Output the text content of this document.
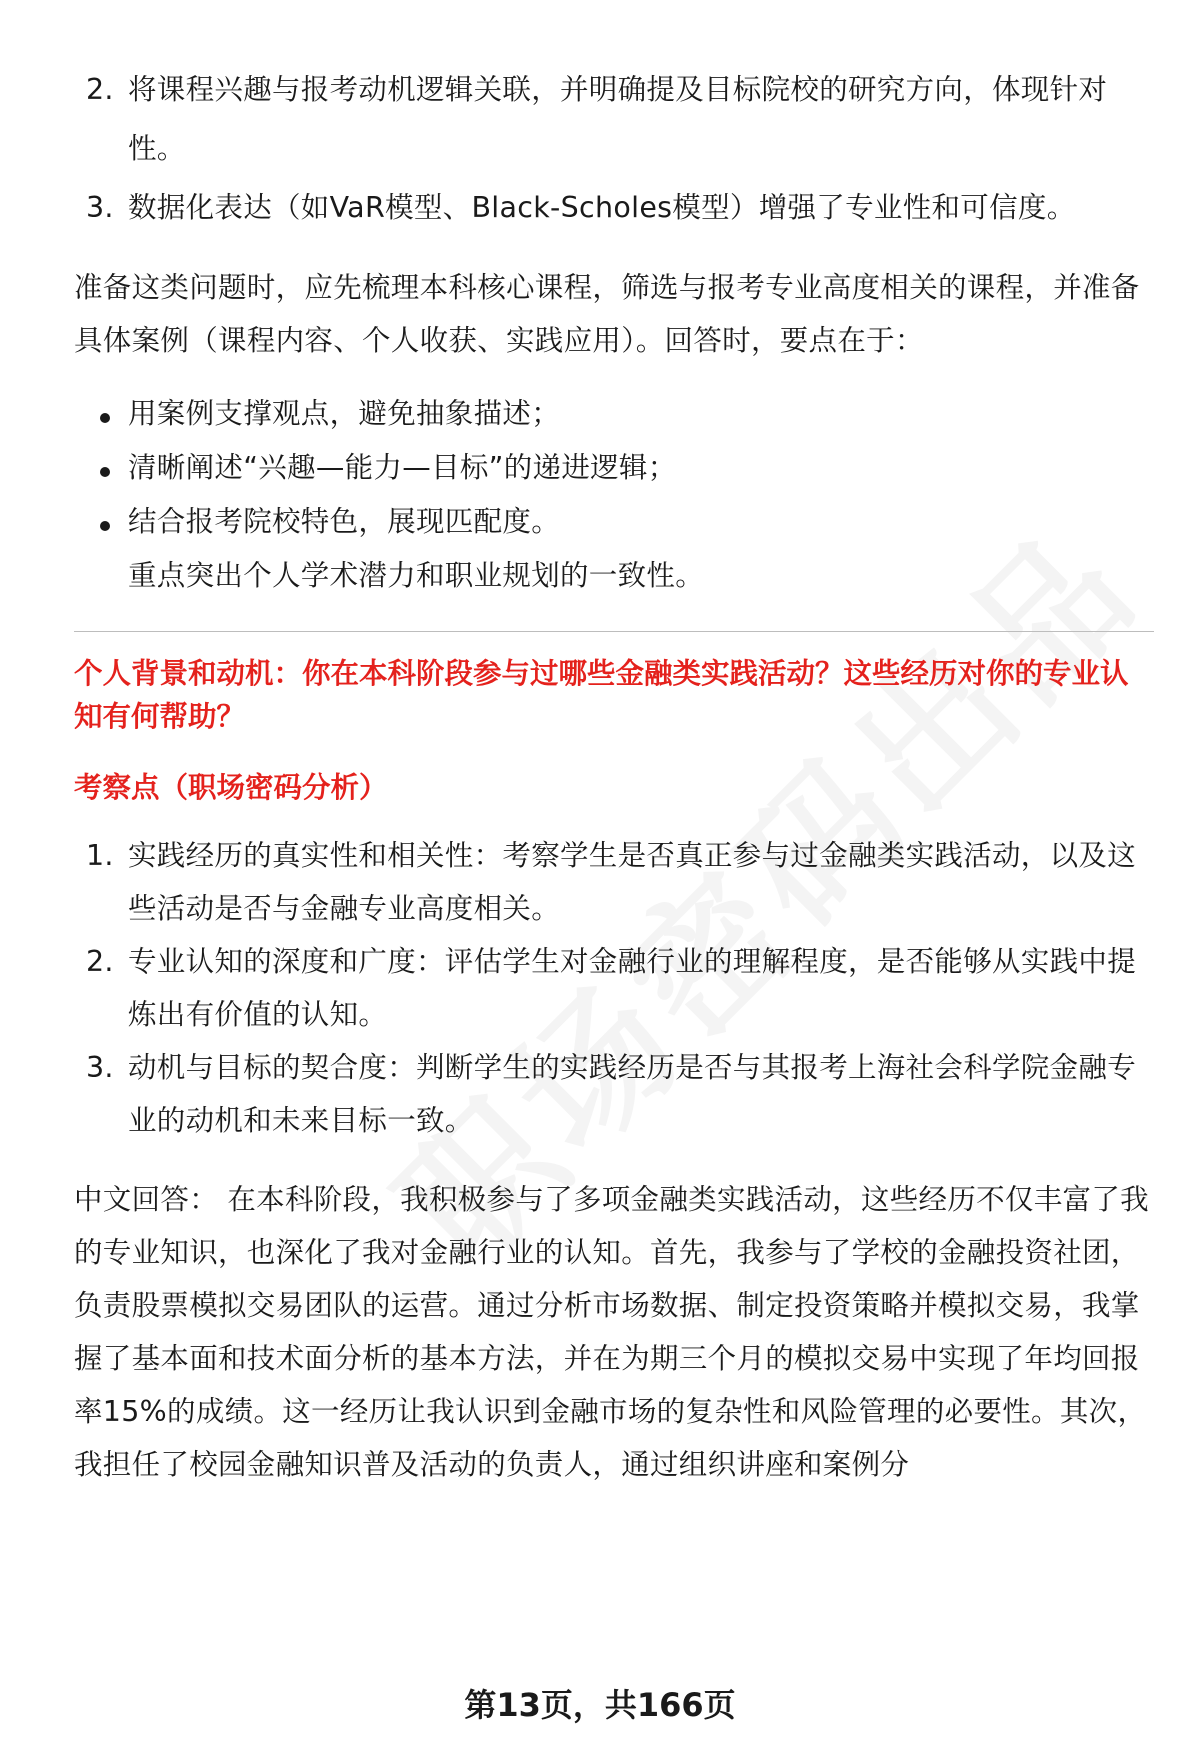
2. 将课程兴趣与报考动机逻辑关联，并明确提及目标院校的研究方向，体现针对性。
3. 数据化表达（如VaR模型、Black-Scholes模型）增强了专业性和可信度。

准备这类问题时，应先梳理本科核心课程，筛选与报考专业高度相关的课程，并准备具体案例（课程内容、个人收获、实践应用）。回答时，要点在于：

用案例支撑观点，避免抽象描述；
清晰阐述“兴趣—能力—目标”的递进逻辑；
结合报考院校特色，展现匹配度。
重点突出个人学术潜力和职业规划的一致性。

个人背景和动机：你在本科阶段参与过哪些金融类实践活动？这些经历对你的专业认知有何帮助？

考察点（职场密码分析）

1. 实践经历的真实性和相关性：考察学生是否真正参与过金融类实践活动，以及这些活动是否与金融专业高度相关。
2. 专业认知的深度和广度：评估学生对金融行业的理解程度，是否能够从实践中提炼出有价值的认知。
3. 动机与目标的契合度：判断学生的实践经历是否与其报考上海社会科学院金融专业的动机和未来目标一致。

中文回答： 在本科阶段，我积极参与了多项金融类实践活动，这些经历不仅丰富了我的专业知识，也深化了我对金融行业的认知。首先，我参与了学校的金融投资社团，负责股票模拟交易团队的运营。通过分析市场数据、制定投资策略并模拟交易，我掌握了基本面和技术面分析的基本方法，并在为期三个月的模拟交易中实现了年均回报率15%的成绩。这一经历让我认识到金融市场的复杂性和风险管理的必要性。其次，我担任了校园金融知识普及活动的负责人，通过组织讲座和案例分

第13页，共166页
